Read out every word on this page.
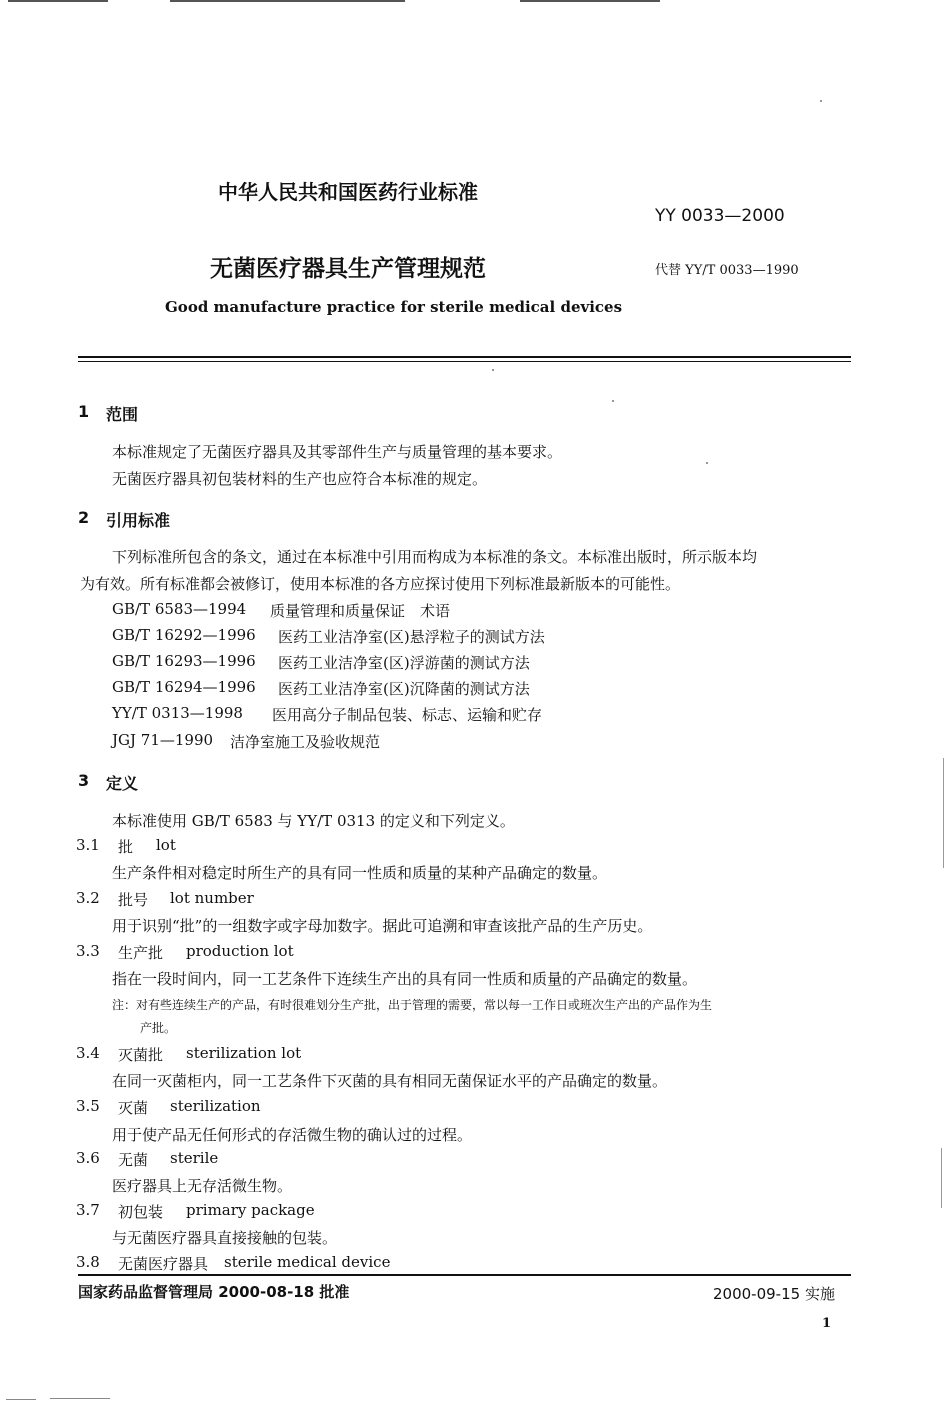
中华人民共和国医药行业标准
YY 0033—2000
无菌医疗器具生产管理规范	代替 YY/T 0033—1990
Good manufacture practice for sterile medical devices
1 范围
本标准规定了无菌医疗器具及其零部件生产与质量管理的基本要求。
无菌医疗器具初包装材料的生产也应符合本标准的规定。
2 引用标准
下列标准所包含的条文，通过在本标准中引用而构成为本标准的条文。本标准出版时，所示版本均
为有效。所有标准都会被修订，使用本标准的各方应探讨使用下列标准最新版本的可能性。
GB/T 6583—1994 质量管理和质量保证　术语
GB/T 16292—1996 医药工业洁净室(区)悬浮粒子的测试方法
GB/T 16293—1996 医药工业洁净室(区)浮游菌的测试方法
GB/T 16294—1996 医药工业洁净室(区)沉降菌的测试方法
YY/T 0313—1998 医用高分子制品包装、标志、运输和贮存
JGJ 71—1990 洁净室施工及验收规范
3 定义
本标准使用 GB/T 6583 与 YY/T 0313 的定义和下列定义。
3.1 批 lot
生产条件相对稳定时所生产的具有同一性质和质量的某种产品确定的数量。
3.2 批号 lot number
用于识别“批”的一组数字或字母加数字。据此可追溯和审查该批产品的生产历史。
3.3 生产批 production lot
指在一段时间内，同一工艺条件下连续生产出的具有同一性质和质量的产品确定的数量。
注：对有些连续生产的产品，有时很难划分生产批，出于管理的需要，常以每一工作日或班次生产出的产品作为生
产批。
3.4 灭菌批 sterilization lot
在同一灭菌柜内，同一工艺条件下灭菌的具有相同无菌保证水平的产品确定的数量。
3.5 灭菌 sterilization
用于使产品无任何形式的存活微生物的确认过的过程。
3.6 无菌 sterile
医疗器具上无存活微生物。
3.7 初包装 primary package
与无菌医疗器具直接接触的包装。
3.8 无菌医疗器具 sterile medical device
国家药品监督管理局 2000-08-18 批准	2000-09-15 实施
1
